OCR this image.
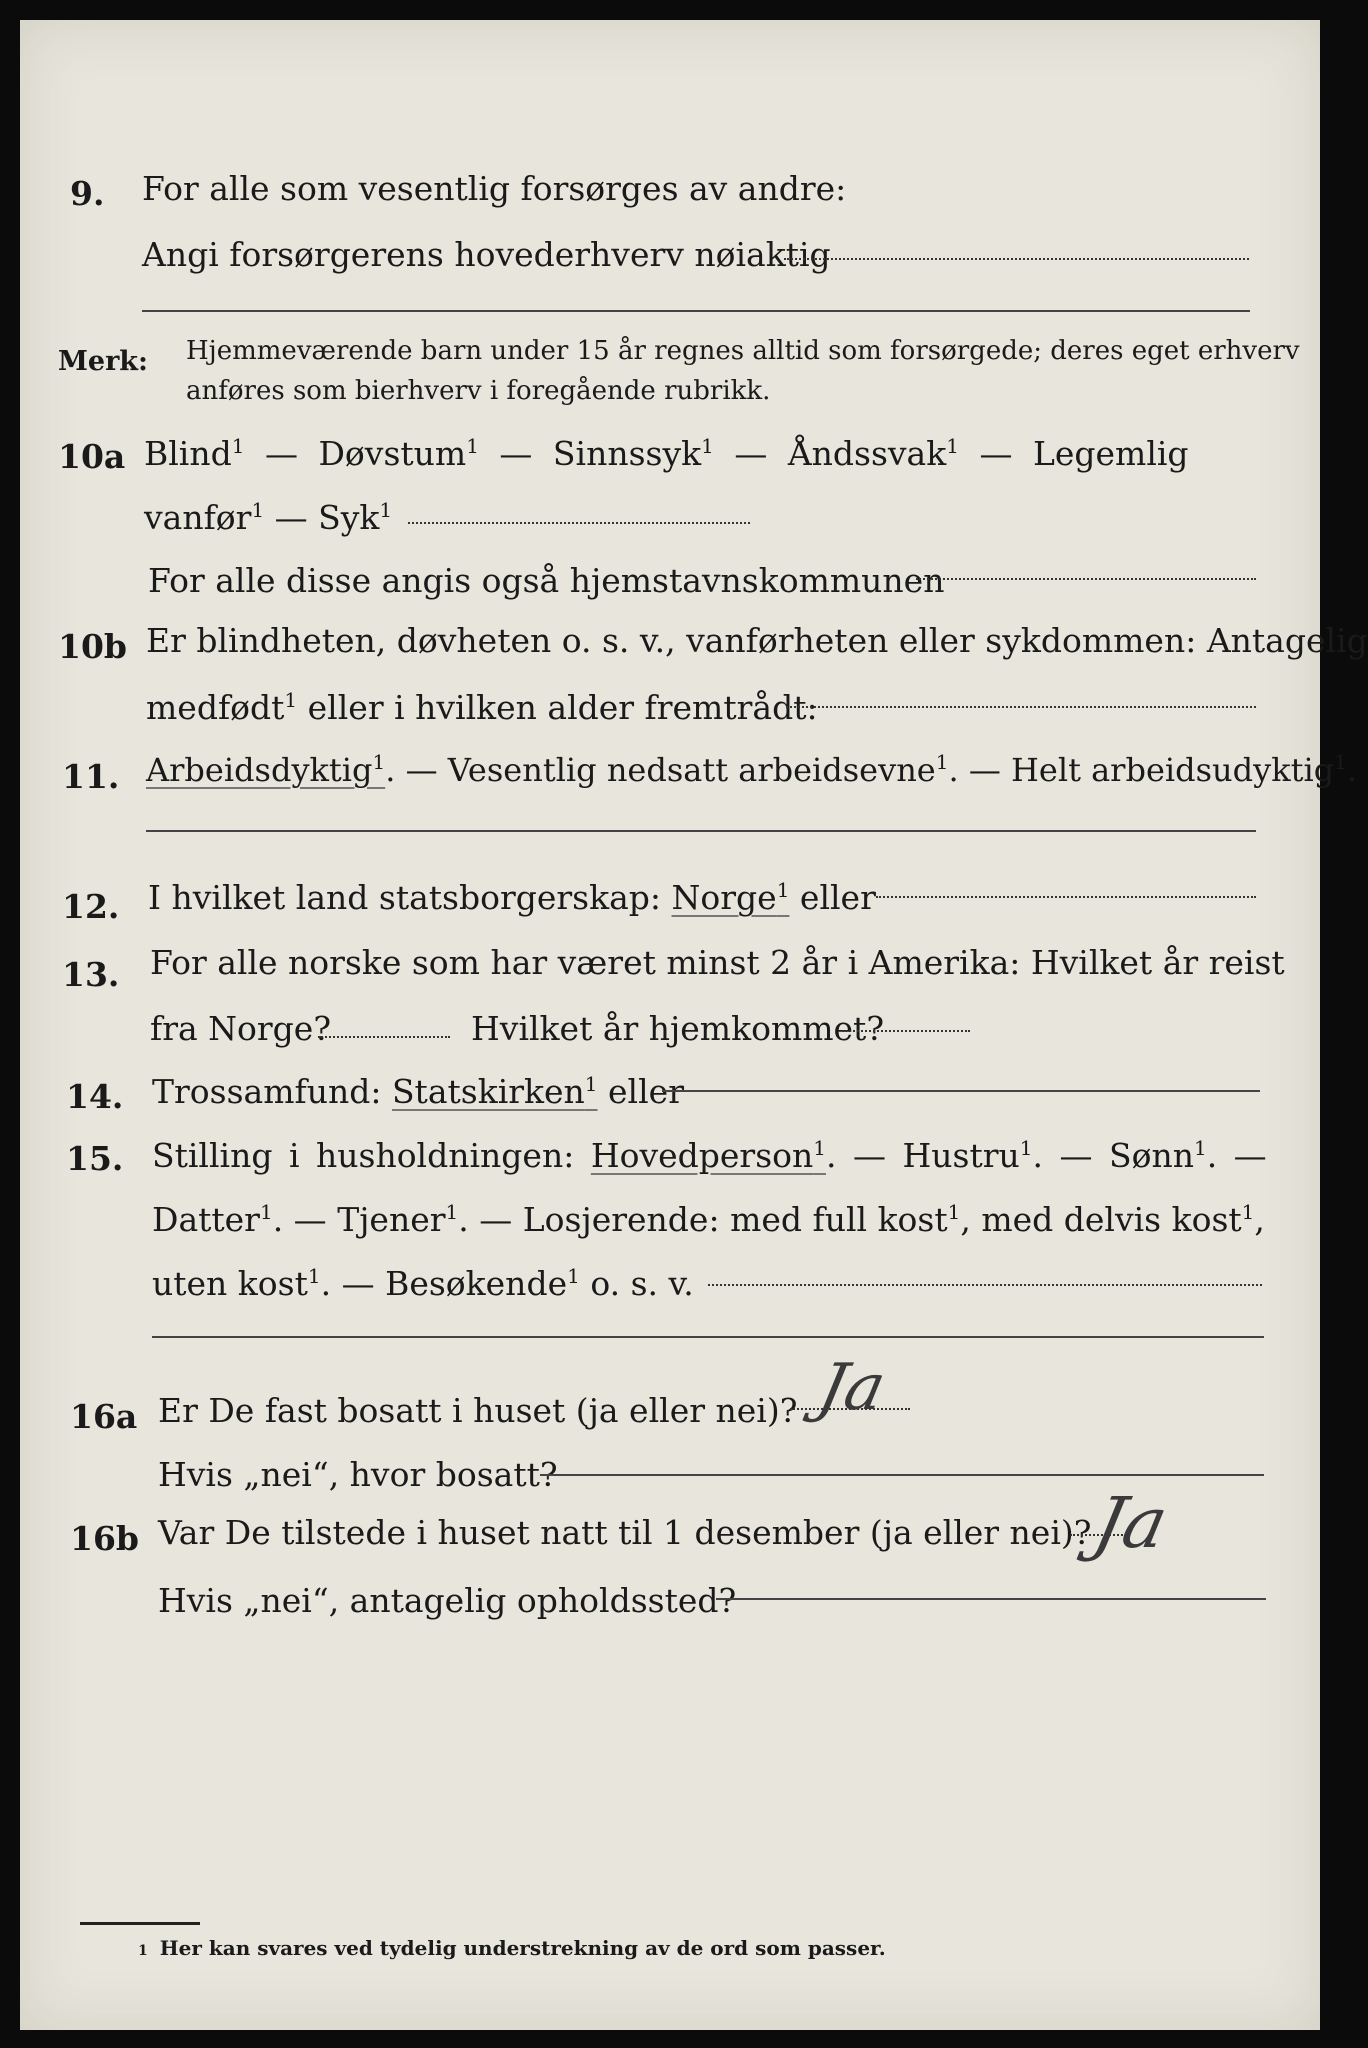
9. For alle som vesentlig forsørges av andre:
Angi forsørgerens hovederhverv nøiaktig
Merk: Hjemmeværende barn under 15 år regnes alltid som forsørgede; deres eget erhverv
anføres som bierhverv i foregående rubrikk.
10a Blind$^1$ — Døvstum$^1$ — Sinnssyk$^1$ — Åndssvak$^1$ — Legemlig
vanfør$^1$ — Syk$^1$
For alle disse angis også hjemstavnskommunen
10b Er blindheten, døvheten o. s. v., vanførheten eller sykdommen: Antagelig
medfødt$^1$ eller i hvilken alder fremtrådt:
11. Arbeidsdyktig$^1$. — Vesentlig nedsatt arbeidsevne$^1$. — Helt arbeidsudyktig$^1$.
12. I hvilket land statsborgerskap: Norge$^1$ eller
13. For alle norske som har været minst 2 år i Amerika: Hvilket år reist
fra Norge?	Hvilket år hjemkommet?
14. Trossamfund: Statskirken$^1$ eller
15. Stilling i husholdningen: Hovedperson$^1$. — Hustru$^1$. — Sønn$^1$. —
Datter$^1$. — Tjener$^1$. — Losjerende: med full kost$^1$, med delvis kost$^1$,
uten kost$^1$. — Besøkende$^1$ o. s. v.
16a Er De fast bosatt i huset (ja eller nei)? Ja
Hvis „nei“, hvor bosatt?
16b Var De tilstede i huset natt til 1 desember (ja eller nei)?
Ja
Hvis „nei“, antagelig opholdssted?
1 Her kan svares ved tydelig understrekning av de ord som passer.
